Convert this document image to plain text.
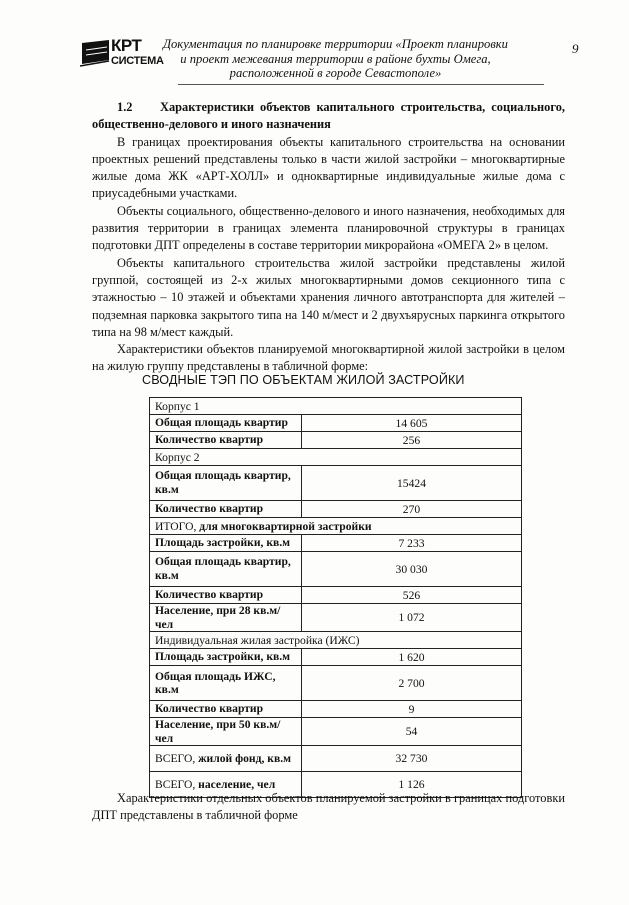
КРТ
СИСТЕМА
Документация по планировке территории «Проект планировки
и проект межевания территории в районе бухты Омега,
расположенной в городе Севастополе»
9
1.2 Характеристики объектов капитального строительства, социального, общественно-делового и иного назначения

В границах проектирования объекты капитального строительства на основании проектных решений представлены только в части жилой застройки – многоквартирные жилые дома ЖК «АРТ-ХОЛЛ» и одноквартирные индивидуальные жилые дома с приусадебными участками.

Объекты социального, общественно-делового и иного назначения, необходимых для развития территории в границах элемента планировочной структуры в границах подготовки ДПТ определены в составе территории микрорайона «ОМЕГА 2» в целом.

Объекты капитального строительства жилой застройки представлены жилой группой, состоящей из 2-х жилых многоквартирными домов секционного типа с этажностью – 10 этажей и объектами хранения личного автотранспорта для жителей – подземная парковка закрытого типа на 140 м/мест и 2 двухъярусных паркинга открытого типа на 98 м/мест каждый.

Характеристики объектов планируемой многоквартирной жилой застройки в целом на жилую группу представлены в табличной форме:

СВОДНЫЕ ТЭП ПО ОБЪЕКТАМ ЖИЛОЙ ЗАСТРОЙКИ
Корпус 1	
Общая площадь квартир	14 605
Количество квартир	256
Корпус 2	
Общая площадь квартир, кв.м	15424
Количество квартир	270
ИТОГО, для многоквартирной застройки	
Площадь застройки, кв.м	7 233
Общая площадь квартир, кв.м	30 030
Количество квартир	526
Население, при 28 кв.м/чел	1 072
Индивидуальная жилая застройка (ИЖС)	
Площадь застройки, кв.м	1 620
Общая площадь ИЖС, кв.м	2 700
Количество квартир	9
Население, при 50 кв.м/чел	54
ВСЕГО, жилой фонд, кв.м	32 730
ВСЕГО, население, чел	1 126

Характеристики отдельных объектов планируемой застройки в границах подготовки ДПТ представлены в табличной форме
